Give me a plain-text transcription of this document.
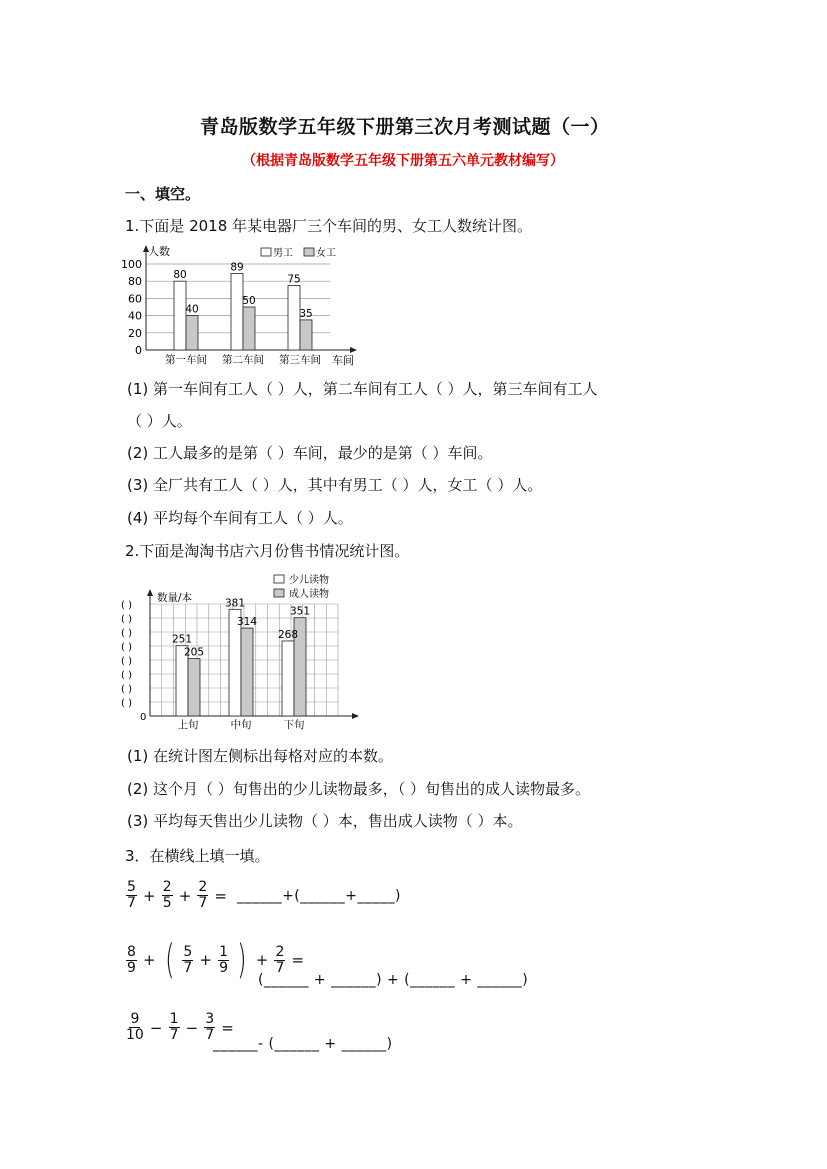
青岛版数学五年级下册第三次月考测试题（一）
（根据青岛版数学五年级下册第五六单元教材编写）
一、填空。
1.下面是 2018 年某电器厂三个车间的男、女工人数统计图。
0
20
40
60
80
100
80
40
第一车间
89
50
第二车间
75
35
第三车间
人数
车间
男工 女工
(1) 第一车间有工人（ ）人，第二车间有工人（ ）人，第三车间有工人
（ ）人。
(2) 工人最多的是第（ ）车间，最少的是第（ ）车间。
(3) 全厂共有工人（ ）人，其中有男工（ ）人，女工（ ）人。
(4) 平均每个车间有工人（ ）人。
2.下面是淘淘书店六月份售书情况统计图。
251
205
上旬
381
314
中旬
268
351
下旬
( )
( )
( )
( )
( )
( )
( )
( )
数量/本
0
少儿读物
成人读物
(1) 在统计图左侧标出每格对应的本数。
(2) 这个月（ ）旬售出的少儿读物最多，（ ）旬售出的成人读物最多。
(3) 平均每天售出少儿读物（ ）本，售出成人读物（ ）本。
3．在横线上填一填。
$\frac{5}{7} + \frac{2}{5} + \frac{2}{7}$ = ______+(______+_____)
$\frac{8}{9}$ + ( $\frac{5}{7} + \frac{1}{9}$ ) + $\frac{2}{7}$ =
(______ + ______) + (______ + ______)
$\frac{9}{10} - \frac{1}{7} - \frac{3}{7}$ =
______- (______ + ______)
